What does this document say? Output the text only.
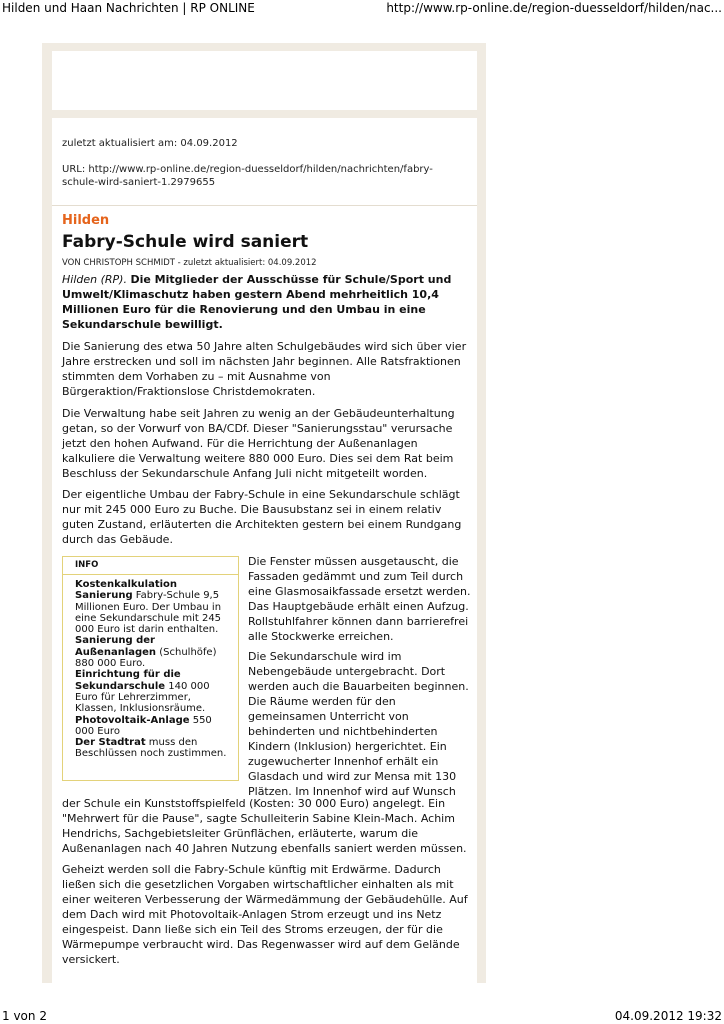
Hilden und Haan Nachrichten | RP ONLINE	http://www.rp-online.de/region-duesseldorf/hilden/nac...
zuletzt aktualisiert am: 04.09.2012
URL: http://www.rp-online.de/region-duesseldorf/hilden/nachrichten/fabry-schule-wird-saniert-1.2979655
Hilden
Fabry-Schule wird saniert
VON CHRISTOPH SCHMIDT - zuletzt aktualisiert: 04.09.2012
Hilden (RP). Die Mitglieder der Ausschüsse für Schule/Sport und Umwelt/Klimaschutz haben gestern Abend mehrheitlich 10,4 Millionen Euro für die Renovierung und den Umbau in eine Sekundarschule bewilligt.

Die Sanierung des etwa 50 Jahre alten Schulgebäudes wird sich über vier Jahre erstrecken und soll im nächsten Jahr beginnen. Alle Ratsfraktionen stimmten dem Vorhaben zu – mit Ausnahme von Bürgeraktion/Fraktionslose Christdemokraten.

Die Verwaltung habe seit Jahren zu wenig an der Gebäudeunterhaltung getan, so der Vorwurf von BA/CDf. Dieser "Sanierungsstau" verursache jetzt den hohen Aufwand. Für die Herrichtung der Außenanlagen kalkuliere die Verwaltung weitere 880 000 Euro. Dies sei dem Rat beim Beschluss der Sekundarschule Anfang Juli nicht mitgeteilt worden.

Der eigentliche Umbau der Fabry-Schule in eine Sekundarschule schlägt nur mit 245 000 Euro zu Buche. Die Bausubstanz sei in einem relativ guten Zustand, erläuterten die Architekten gestern bei einem Rundgang durch das Gebäude.

Die Fenster müssen ausgetauscht, die Fassaden gedämmt und zum Teil durch eine Glasmosaikfassade ersetzt werden. Das Hauptgebäude erhält einen Aufzug. Rollstuhlfahrer können dann barrierefrei alle Stockwerke erreichen.

Die Sekundarschule wird im Nebengebäude untergebracht. Dort werden auch die Bauarbeiten beginnen. Die Räume werden für den gemeinsamen Unterricht von behinderten und nichtbehinderten Kindern (Inklusion) hergerichtet. Ein zugewucherter Innenhof erhält ein Glasdach und wird zur Mensa mit 130 Plätzen. Im Innenhof wird auf Wunsch

der Schule ein Kunststoffspielfeld (Kosten: 30 000 Euro) angelegt. Ein "Mehrwert für die Pause", sagte Schulleiterin Sabine Klein-Mach. Achim Hendrichs, Sachgebietsleiter Grünflächen, erläuterte, warum die Außenanlagen nach 40 Jahren Nutzung ebenfalls saniert werden müssen.

Geheizt werden soll die Fabry-Schule künftig mit Erdwärme. Dadurch ließen sich die gesetzlichen Vorgaben wirtschaftlicher einhalten als mit einer weiteren Verbesserung der Wärmedämmung der Gebäudehülle. Auf dem Dach wird mit Photovoltaik-Anlagen Strom erzeugt und ins Netz eingespeist. Dann ließe sich ein Teil des Stroms erzeugen, der für die Wärmepumpe verbraucht wird. Das Regenwasser wird auf dem Gelände versickert.

INFO
Kostenkalkulation
Sanierung Fabry-Schule 9,5 Millionen Euro. Der Umbau in eine Sekundarschule mit 245 000 Euro ist darin enthalten.
Sanierung der Außenanlagen (Schulhöfe) 880 000 Euro.
Einrichtung für die Sekundarschule 140 000 Euro für Lehrerzimmer, Klassen, Inklusionsräume.
Photovoltaik-Anlage 550 000 Euro
Der Stadtrat muss den Beschlüssen noch zustimmen.
1 von 2	04.09.2012 19:32
